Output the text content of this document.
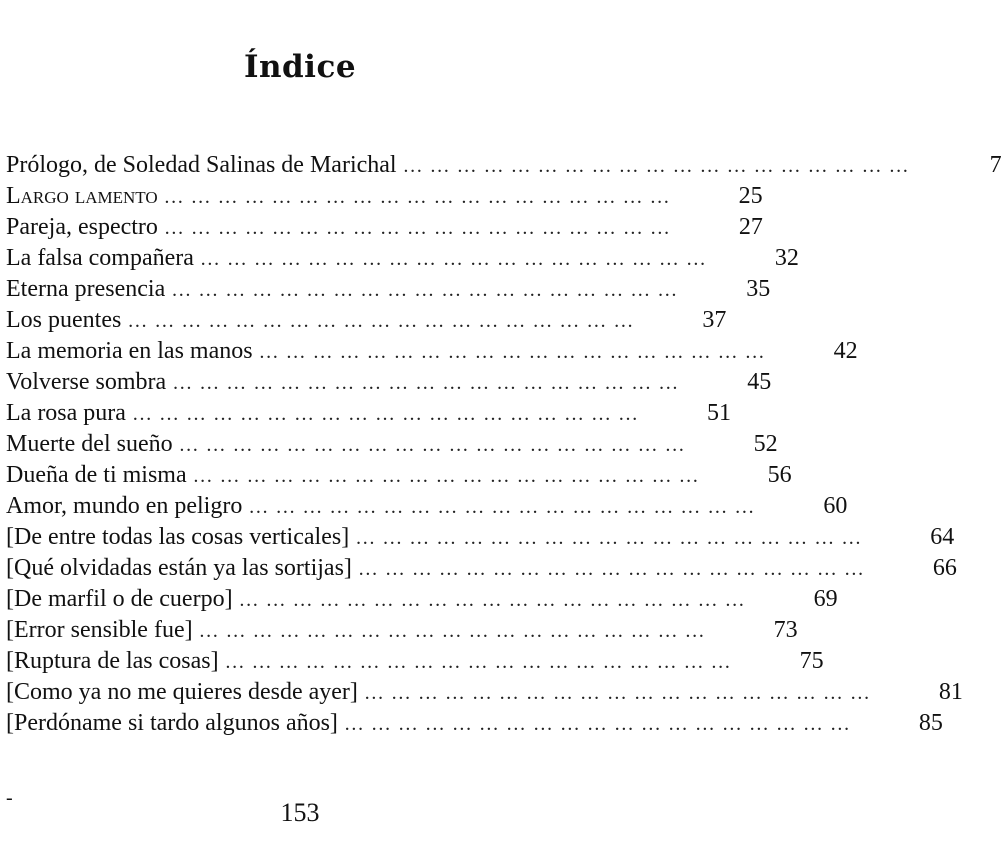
Índice
Prólogo, de Soledad Salinas de Marichal … … … … … … … … … … … … … … … … … … …	7
Largo lamento … … … … … … … … … … … … … … … … … … …	25
Pareja, espectro … … … … … … … … … … … … … … … … … … …	27
La falsa compañera … … … … … … … … … … … … … … … … … … …	32
Eterna presencia … … … … … … … … … … … … … … … … … … …	35
Los puentes … … … … … … … … … … … … … … … … … … …	37
La memoria en las manos … … … … … … … … … … … … … … … … … … …	42
Volverse sombra … … … … … … … … … … … … … … … … … … …	45
La rosa pura … … … … … … … … … … … … … … … … … … …	51
Muerte del sueño … … … … … … … … … … … … … … … … … … …	52
Dueña de ti misma … … … … … … … … … … … … … … … … … … …	56
Amor, mundo en peligro … … … … … … … … … … … … … … … … … … …	60
[De entre todas las cosas verticales] … … … … … … … … … … … … … … … … … … …	64
[Qué olvidadas están ya las sortijas] … … … … … … … … … … … … … … … … … … …	66
[De marfil o de cuerpo] … … … … … … … … … … … … … … … … … … …	69
[Error sensible fue] … … … … … … … … … … … … … … … … … … …	73
[Ruptura de las cosas] … … … … … … … … … … … … … … … … … … …	75
[Como ya no me quieres desde ayer] … … … … … … … … … … … … … … … … … … …	81
[Perdóname si tardo algunos años] … … … … … … … … … … … … … … … … … … …	85
-	153
